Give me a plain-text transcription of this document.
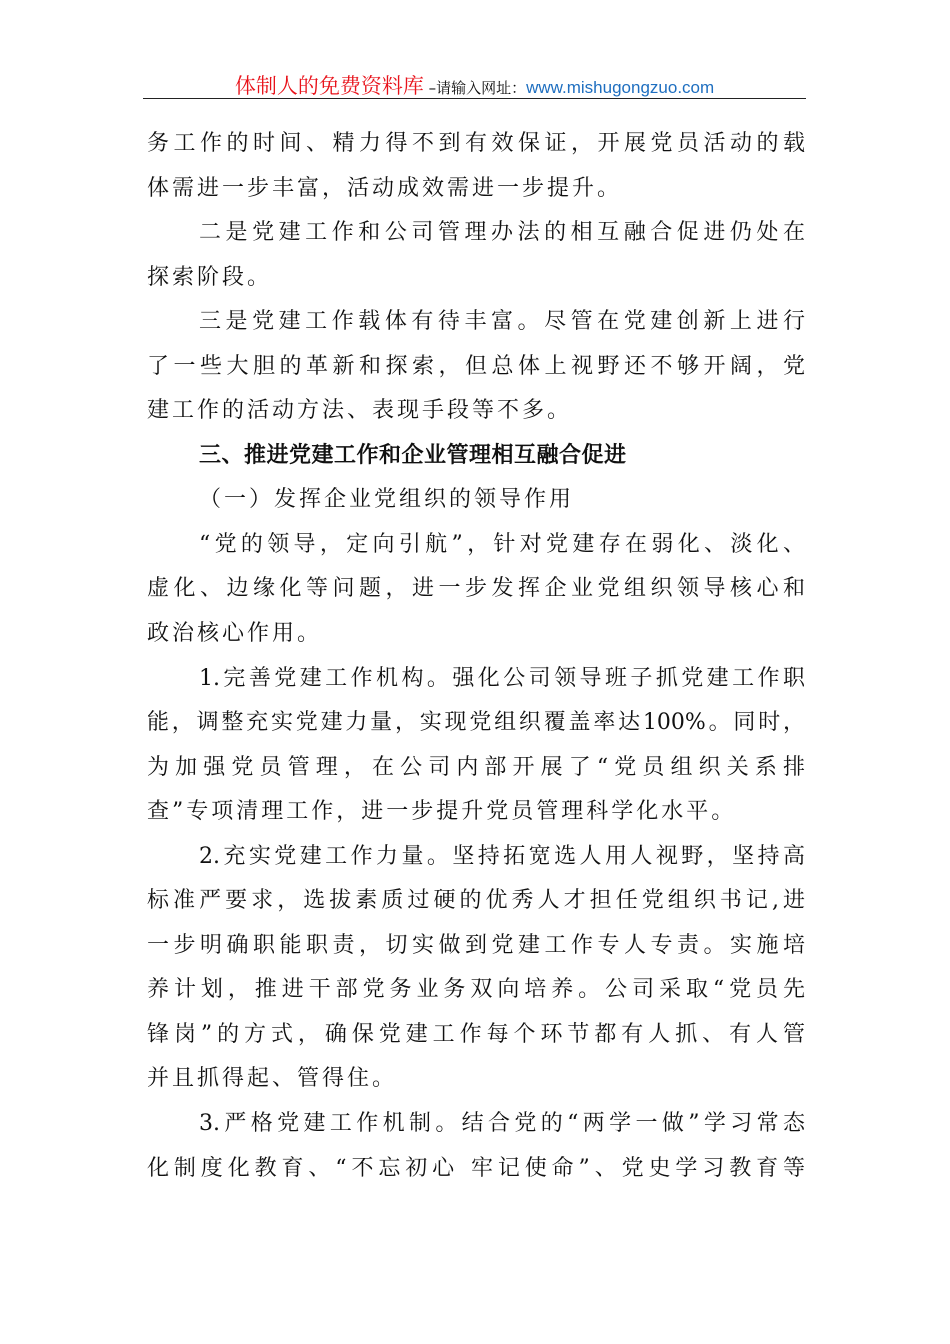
体制人的免费资料库 –请输入网址：www.mishugongzuo.com
务工作的时间、精力得不到有效保证，开展党员活动的载
体需进一步丰富，活动成效需进一步提升。
二是党建工作和公司管理办法的相互融合促进仍处在
探索阶段。
三是党建工作载体有待丰富。尽管在党建创新上进行
了一些大胆的革新和探索，但总体上视野还不够开阔，党
建工作的活动方法、表现手段等不多。
三、推进党建工作和企业管理相互融合促进
（一）发挥企业党组织的领导作用
“党的领导，定向引航”，针对党建存在弱化、淡化、
虚化、边缘化等问题，进一步发挥企业党组织领导核心和
政治核心作用。
1.完善党建工作机构。强化公司领导班子抓党建工作职
能，调整充实党建力量，实现党组织覆盖率达100%。同时，
为加强党员管理，在公司内部开展了“党员组织关系排
查”专项清理工作，进一步提升党员管理科学化水平。
2.充实党建工作力量。坚持拓宽选人用人视野，坚持高
标准严要求，选拔素质过硬的优秀人才担任党组织书记,进
一步明确职能职责，切实做到党建工作专人专责。实施培
养计划，推进干部党务业务双向培养。公司采取“党员先
锋岗”的方式，确保党建工作每个环节都有人抓、有人管
并且抓得起、管得住。
3.严格党建工作机制。结合党的“两学一做”学习常态
化制度化教育、“不忘初心 牢记使命”、党史学习教育等
